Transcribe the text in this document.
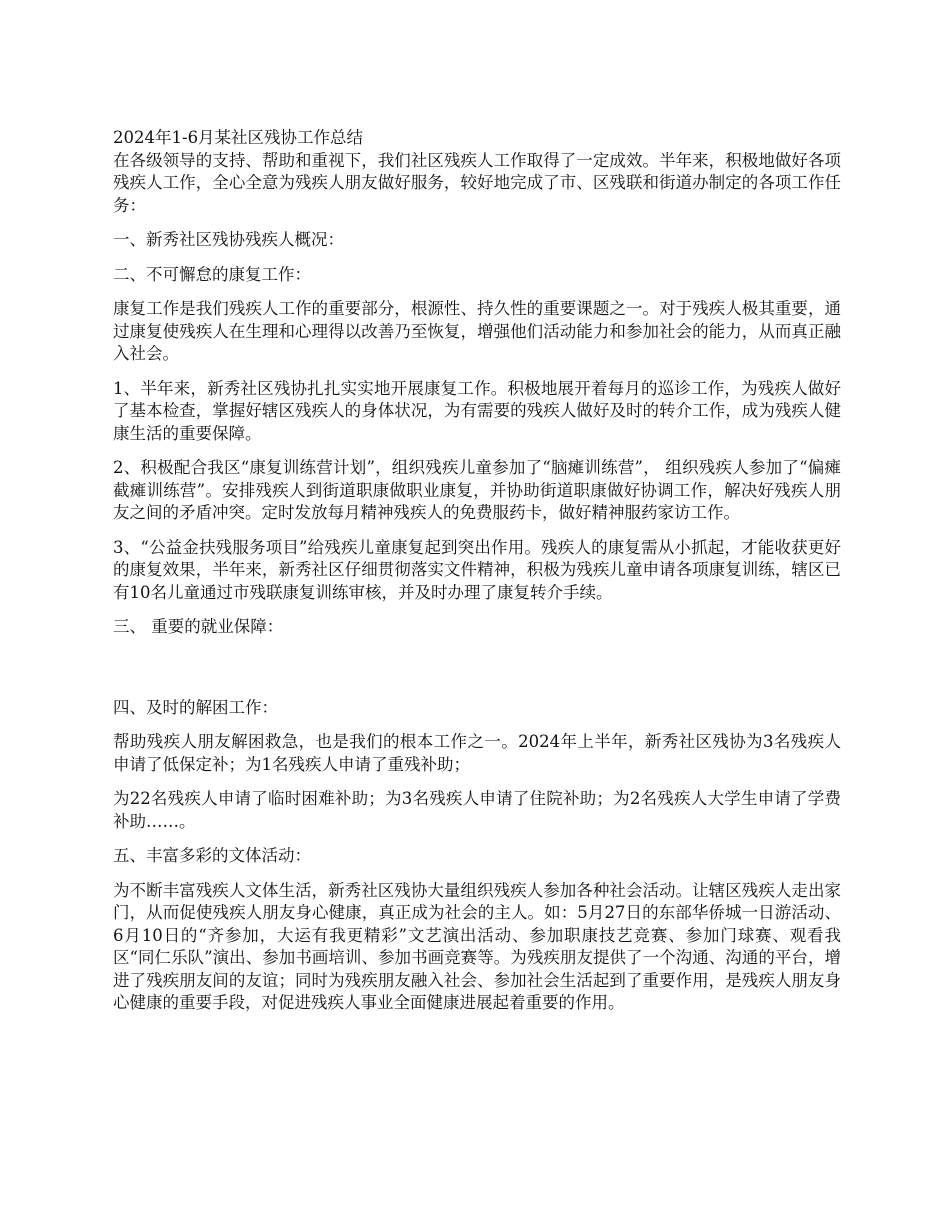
2024年1-6月某社区残协工作总结

在各级领导的支持、帮助和重视下，我们社区残疾人工作取得了一定成效。半年来，积极地做好各项残疾人工作，全心全意为残疾人朋友做好服务，较好地完成了市、区残联和街道办制定的各项工作任务：

一、新秀社区残协残疾人概况：

二、不可懈怠的康复工作：

康复工作是我们残疾人工作的重要部分，根源性、持久性的重要课题之一。对于残疾人极其重要，通过康复使残疾人在生理和心理得以改善乃至恢复，增强他们活动能力和参加社会的能力，从而真正融入社会。

1、半年来，新秀社区残协扎扎实实地开展康复工作。积极地展开着每月的巡诊工作，为残疾人做好了基本检查，掌握好辖区残疾人的身体状况，为有需要的残疾人做好及时的转介工作，成为残疾人健康生活的重要保障。

2、积极配合我区“康复训练营计划”，组织残疾儿童参加了“脑瘫训练营”， 组织残疾人参加了“偏瘫截瘫训练营”。安排残疾人到街道职康做职业康复，并协助街道职康做好协调工作，解决好残疾人朋友之间的矛盾冲突。定时发放每月精神残疾人的免费服药卡，做好精神服药家访工作。

3、“公益金扶残服务项目”给残疾儿童康复起到突出作用。残疾人的康复需从小抓起，才能收获更好的康复效果，半年来，新秀社区仔细贯彻落实文件精神，积极为残疾儿童申请各项康复训练，辖区已有10名儿童通过市残联康复训练审核，并及时办理了康复转介手续。

三、 重要的就业保障：

四、及时的解困工作：

帮助残疾人朋友解困救急，也是我们的根本工作之一。2024年上半年，新秀社区残协为3名残疾人申请了低保定补；为1名残疾人申请了重残补助；

为22名残疾人申请了临时困难补助；为3名残疾人申请了住院补助；为2名残疾人大学生申请了学费补助……。

五、丰富多彩的文体活动：

为不断丰富残疾人文体生活，新秀社区残协大量组织残疾人参加各种社会活动。让辖区残疾人走出家门，从而促使残疾人朋友身心健康，真正成为社会的主人。如：5月27日的东部华侨城一日游活动、6月10日的“齐参加，大运有我更精彩”文艺演出活动、参加职康技艺竞赛、参加门球赛、观看我区“同仁乐队”演出、参加书画培训、参加书画竞赛等。为残疾朋友提供了一个沟通、沟通的平台，增进了残疾朋友间的友谊；同时为残疾朋友融入社会、参加社会生活起到了重要作用，是残疾人朋友身心健康的重要手段，对促进残疾人事业全面健康进展起着重要的作用。
